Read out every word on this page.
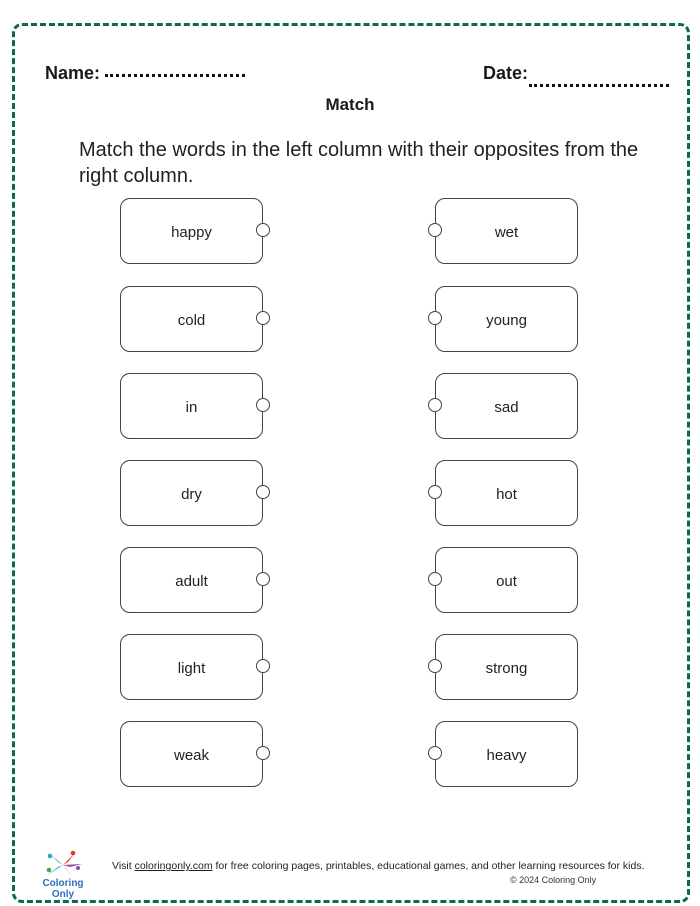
Name:	Date:
Match
Match the words in the left column with their opposites from the right column.
happy
cold
in
dry
adult
light
weak
wet
young
sad
hot
out
strong
heavy
Coloring Only
Visit coloringonly.com for free coloring pages, printables, educational games, and other learning resources for kids.
© 2024 Coloring Only
